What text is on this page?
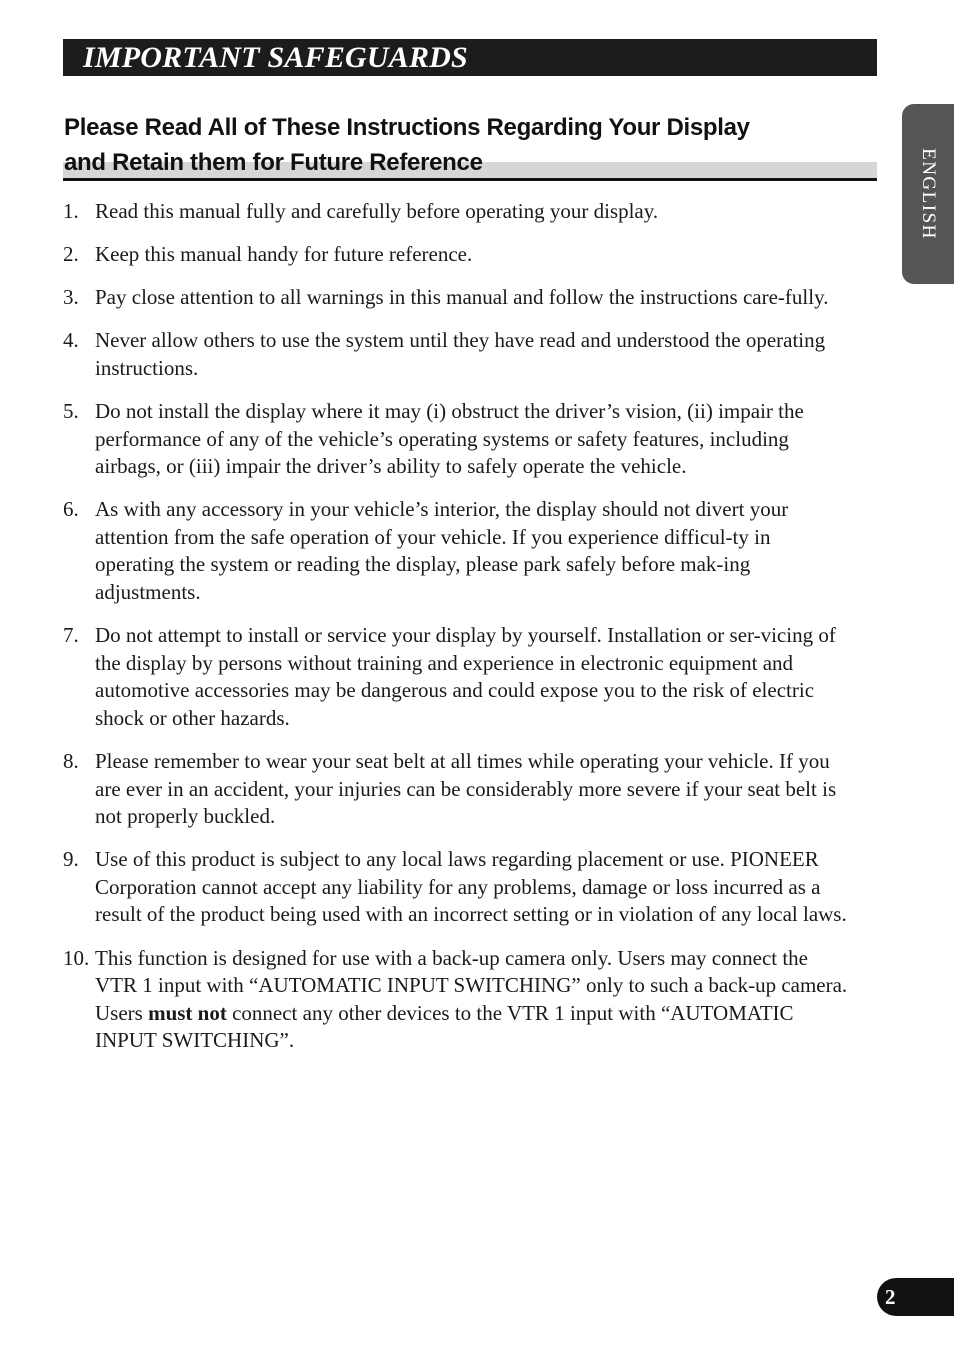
IMPORTANT SAFEGUARDS
Please Read All of These Instructions Regarding Your Display
and Retain them for Future Reference
1. Read this manual fully and carefully before operating your display.
2. Keep this manual handy for future reference.
3. Pay close attention to all warnings in this manual and follow the instructions care-fully.
4. Never allow others to use the system until they have read and understood the operating instructions.
5. Do not install the display where it may (i) obstruct the driver’s vision, (ii) impair the performance of any of the vehicle’s operating systems or safety features, including airbags, or (iii) impair the driver’s ability to safely operate the vehicle.
6. As with any accessory in your vehicle’s interior, the display should not divert your attention from the safe operation of your vehicle. If you experience difficul-ty in operating the system or reading the display, please park safely before mak-ing adjustments.
7. Do not attempt to install or service your display by yourself. Installation or ser-vicing of the display by persons without training and experience in electronic equipment and automotive accessories may be dangerous and could expose you to the risk of electric shock or other hazards.
8. Please remember to wear your seat belt at all times while operating your vehicle. If you are ever in an accident, your injuries can be considerably more severe if your seat belt is not properly buckled.
9. Use of this product is subject to any local laws regarding placement or use. PIONEER Corporation cannot accept any liability for any problems, damage or loss incurred as a result of the product being used with an incorrect setting or in violation of any local laws.
10. This function is designed for use with a back-up camera only. Users may connect the VTR 1 input with “AUTOMATIC INPUT SWITCHING” only to such a back-up camera. Users must not connect any other devices to the VTR 1 input with “AUTOMATIC INPUT SWITCHING”.
ENGLISH
2
